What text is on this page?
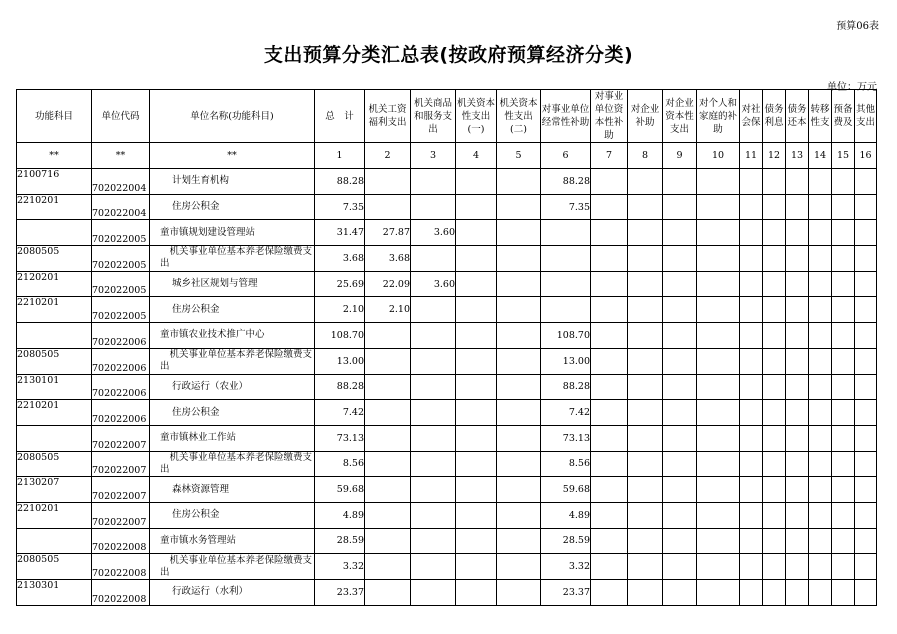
预算06表
支出预算分类汇总表(按政府预算经济分类)
单位：万元
功能科目	单位代码	单位名称(功能科目)	总　计	机关工资福利支出	机关商品和服务支出	机关资本性支出(一)	机关资本性支出(二)	对事业单位经常性补助	对事业单位资本性补助	对企业补助	对企业资本性支出	对个人和家庭的补助	对社会保	债务利息	债务还本	转移性支	预备费及	其他支出
**	**	**	1	2	3	4	5	6	7	8	9	10	11	12	13	14	15	16
2100716	702022004	计划生育机构	88.28					88.28										
2210201	702022004	住房公积金	7.35					7.35										
	702022005	童市镇规划建设管理站	31.47	27.87	3.60													
2080505	702022005	　机关事业单位基本养老保险缴费支出	3.68	3.68														
2120201	702022005	城乡社区规划与管理	25.69	22.09	3.60													
2210201	702022005	住房公积金	2.10	2.10														
	702022006	童市镇农业技术推广中心	108.70					108.70										
2080505	702022006	　机关事业单位基本养老保险缴费支出	13.00					13.00										
2130101	702022006	行政运行（农业）	88.28					88.28										
2210201	702022006	住房公积金	7.42					7.42										
	702022007	童市镇林业工作站	73.13					73.13										
2080505	702022007	　机关事业单位基本养老保险缴费支出	8.56					8.56										
2130207	702022007	森林资源管理	59.68					59.68										
2210201	702022007	住房公积金	4.89					4.89										
	702022008	童市镇水务管理站	28.59					28.59										
2080505	702022008	　机关事业单位基本养老保险缴费支出	3.32					3.32										
2130301	702022008	行政运行（水利）	23.37					23.37										
